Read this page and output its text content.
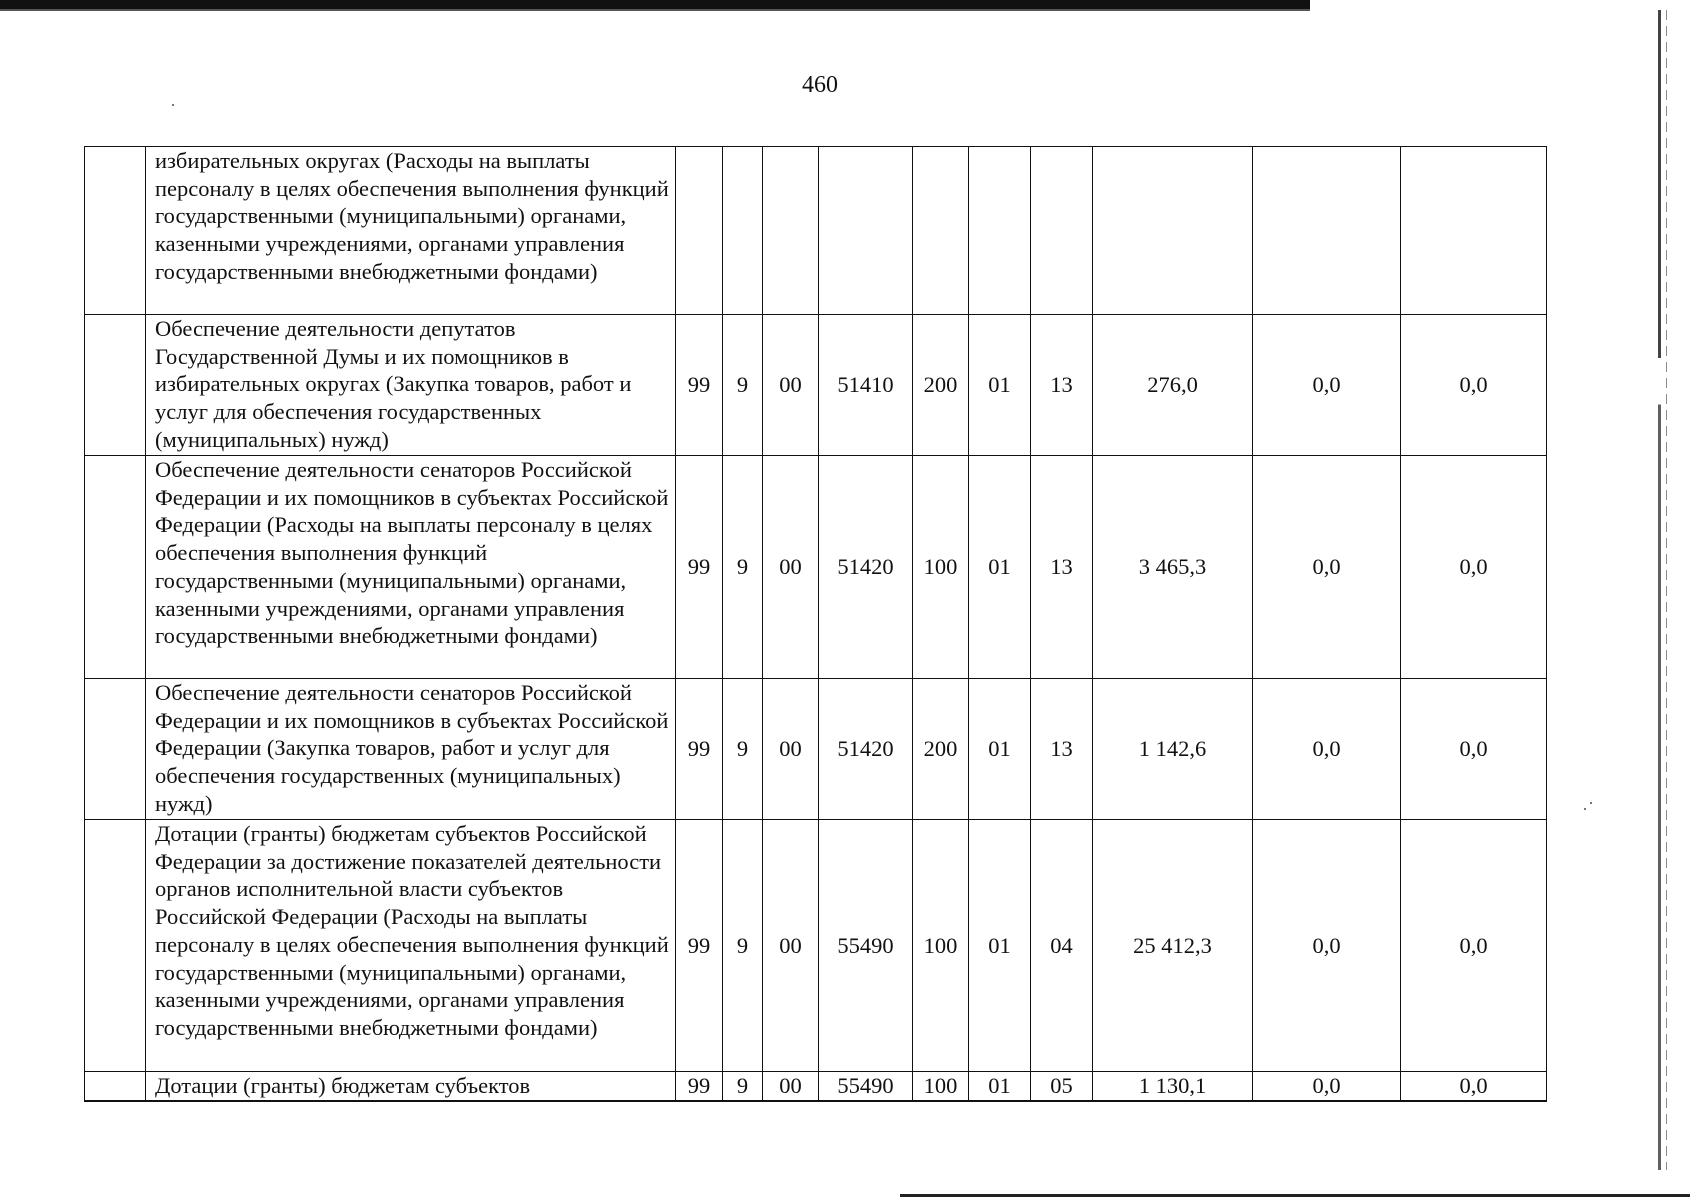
460
	избирательных округах (Расходы на выплаты персоналу в целях обеспечения выполнения функций государственными (муниципальными) органами, казенными учреждениями, органами управления государственными внебюджетными фондами)										
	Обеспечение деятельности депутатов Государственной Думы и их помощников в избирательных округах (Закупка товаров, работ и услуг для обеспечения государственных (муниципальных) нужд)	99	9	00	51410	200	01	13	276,0	0,0	0,0
	Обеспечение деятельности сенаторов Российской Федерации и их помощников в субъектах Российской Федерации (Расходы на выплаты персоналу в целях обеспечения выполнения функций государственными (муниципальными) органами, казенными учреждениями, органами управления государственными внебюджетными фондами)	99	9	00	51420	100	01	13	3 465,3	0,0	0,0
	Обеспечение деятельности сенаторов Российской Федерации и их помощников в субъектах Российской Федерации (Закупка товаров, работ и услуг для обеспечения государственных (муниципальных) нужд)	99	9	00	51420	200	01	13	1 142,6	0,0	0,0
	Дотации (гранты) бюджетам субъектов Российской Федерации за достижение показателей деятельности органов исполнительной власти субъектов Российской Федерации (Расходы на выплаты персоналу в целях обеспечения выполнения функций государственными (муниципальными) органами, казенными учреждениями, органами управления государственными внебюджетными фондами)	99	9	00	55490	100	01	04	25 412,3	0,0	0,0
	Дотации (гранты) бюджетам субъектов	99	9	00	55490	100	01	05	1 130,1	0,0	0,0
